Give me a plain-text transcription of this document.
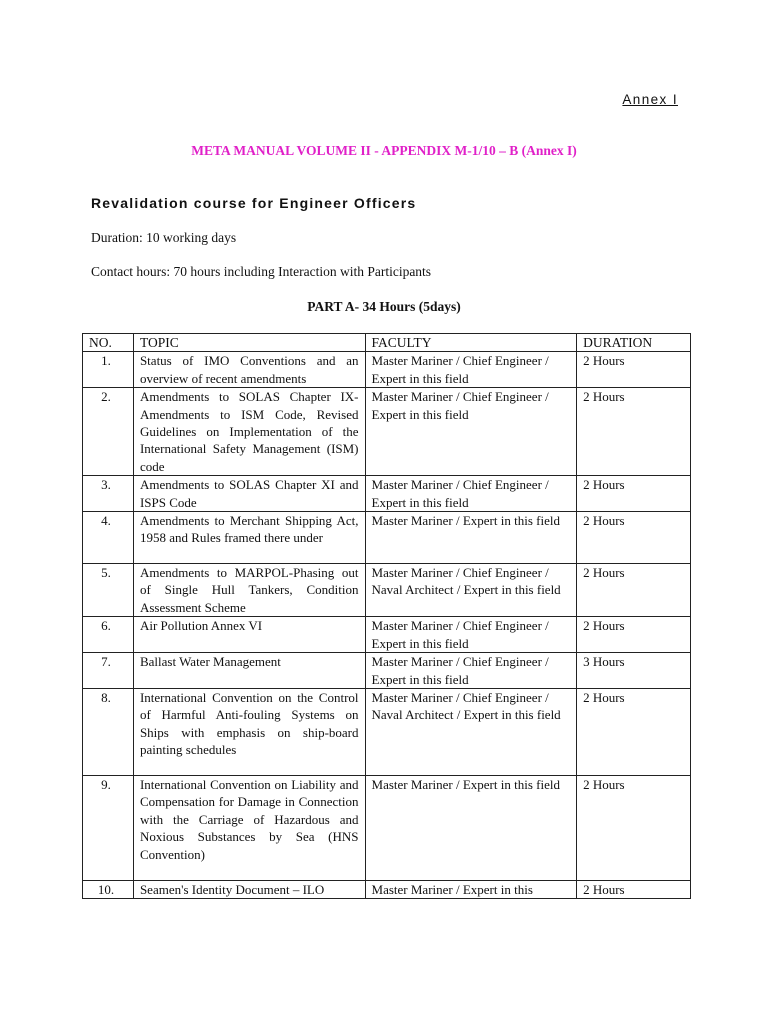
Annex I
META MANUAL VOLUME II - APPENDIX M-1/10 – B (Annex I)
Revalidation course for Engineer Officers
Duration: 10 working days
Contact hours: 70 hours including Interaction with Participants
PART A- 34 Hours (5days)
NO.	TOPIC	FACULTY	DURATION
1.	Status of IMO Conventions and an overview of recent amendments	Master Mariner / Chief Engineer / Expert in this field	2 Hours
2.	Amendments to SOLAS Chapter IX- Amendments to ISM Code, Revised Guidelines on Implementation of the International Safety Management (ISM) code	Master Mariner / Chief Engineer / Expert in this field	2 Hours
3.	Amendments to SOLAS Chapter XI and ISPS Code	Master Mariner / Chief Engineer / Expert in this field	2 Hours
4.	Amendments to Merchant Shipping Act, 1958 and Rules framed there under	Master Mariner / Expert in this field	2 Hours
5.	Amendments to MARPOL-Phasing out of Single Hull Tankers, Condition Assessment Scheme	Master Mariner / Chief Engineer / Naval Architect / Expert in this field	2 Hours
6.	Air Pollution Annex VI	Master Mariner / Chief Engineer / Expert in this field	2 Hours
7.	Ballast Water Management	Master Mariner / Chief Engineer / Expert in this field	3 Hours
8.	International Convention on the Control of Harmful Anti-fouling Systems on Ships with emphasis on ship-board painting schedules	Master Mariner / Chief Engineer / Naval Architect / Expert in this field	2 Hours
9.	International Convention on Liability and Compensation for Damage in Connection with the Carriage of Hazardous and Noxious Substances by Sea (HNS Convention)	Master Mariner / Expert in this field	2 Hours
10.	Seamen's Identity Document – ILO	Master Mariner / Expert in this	2 Hours
